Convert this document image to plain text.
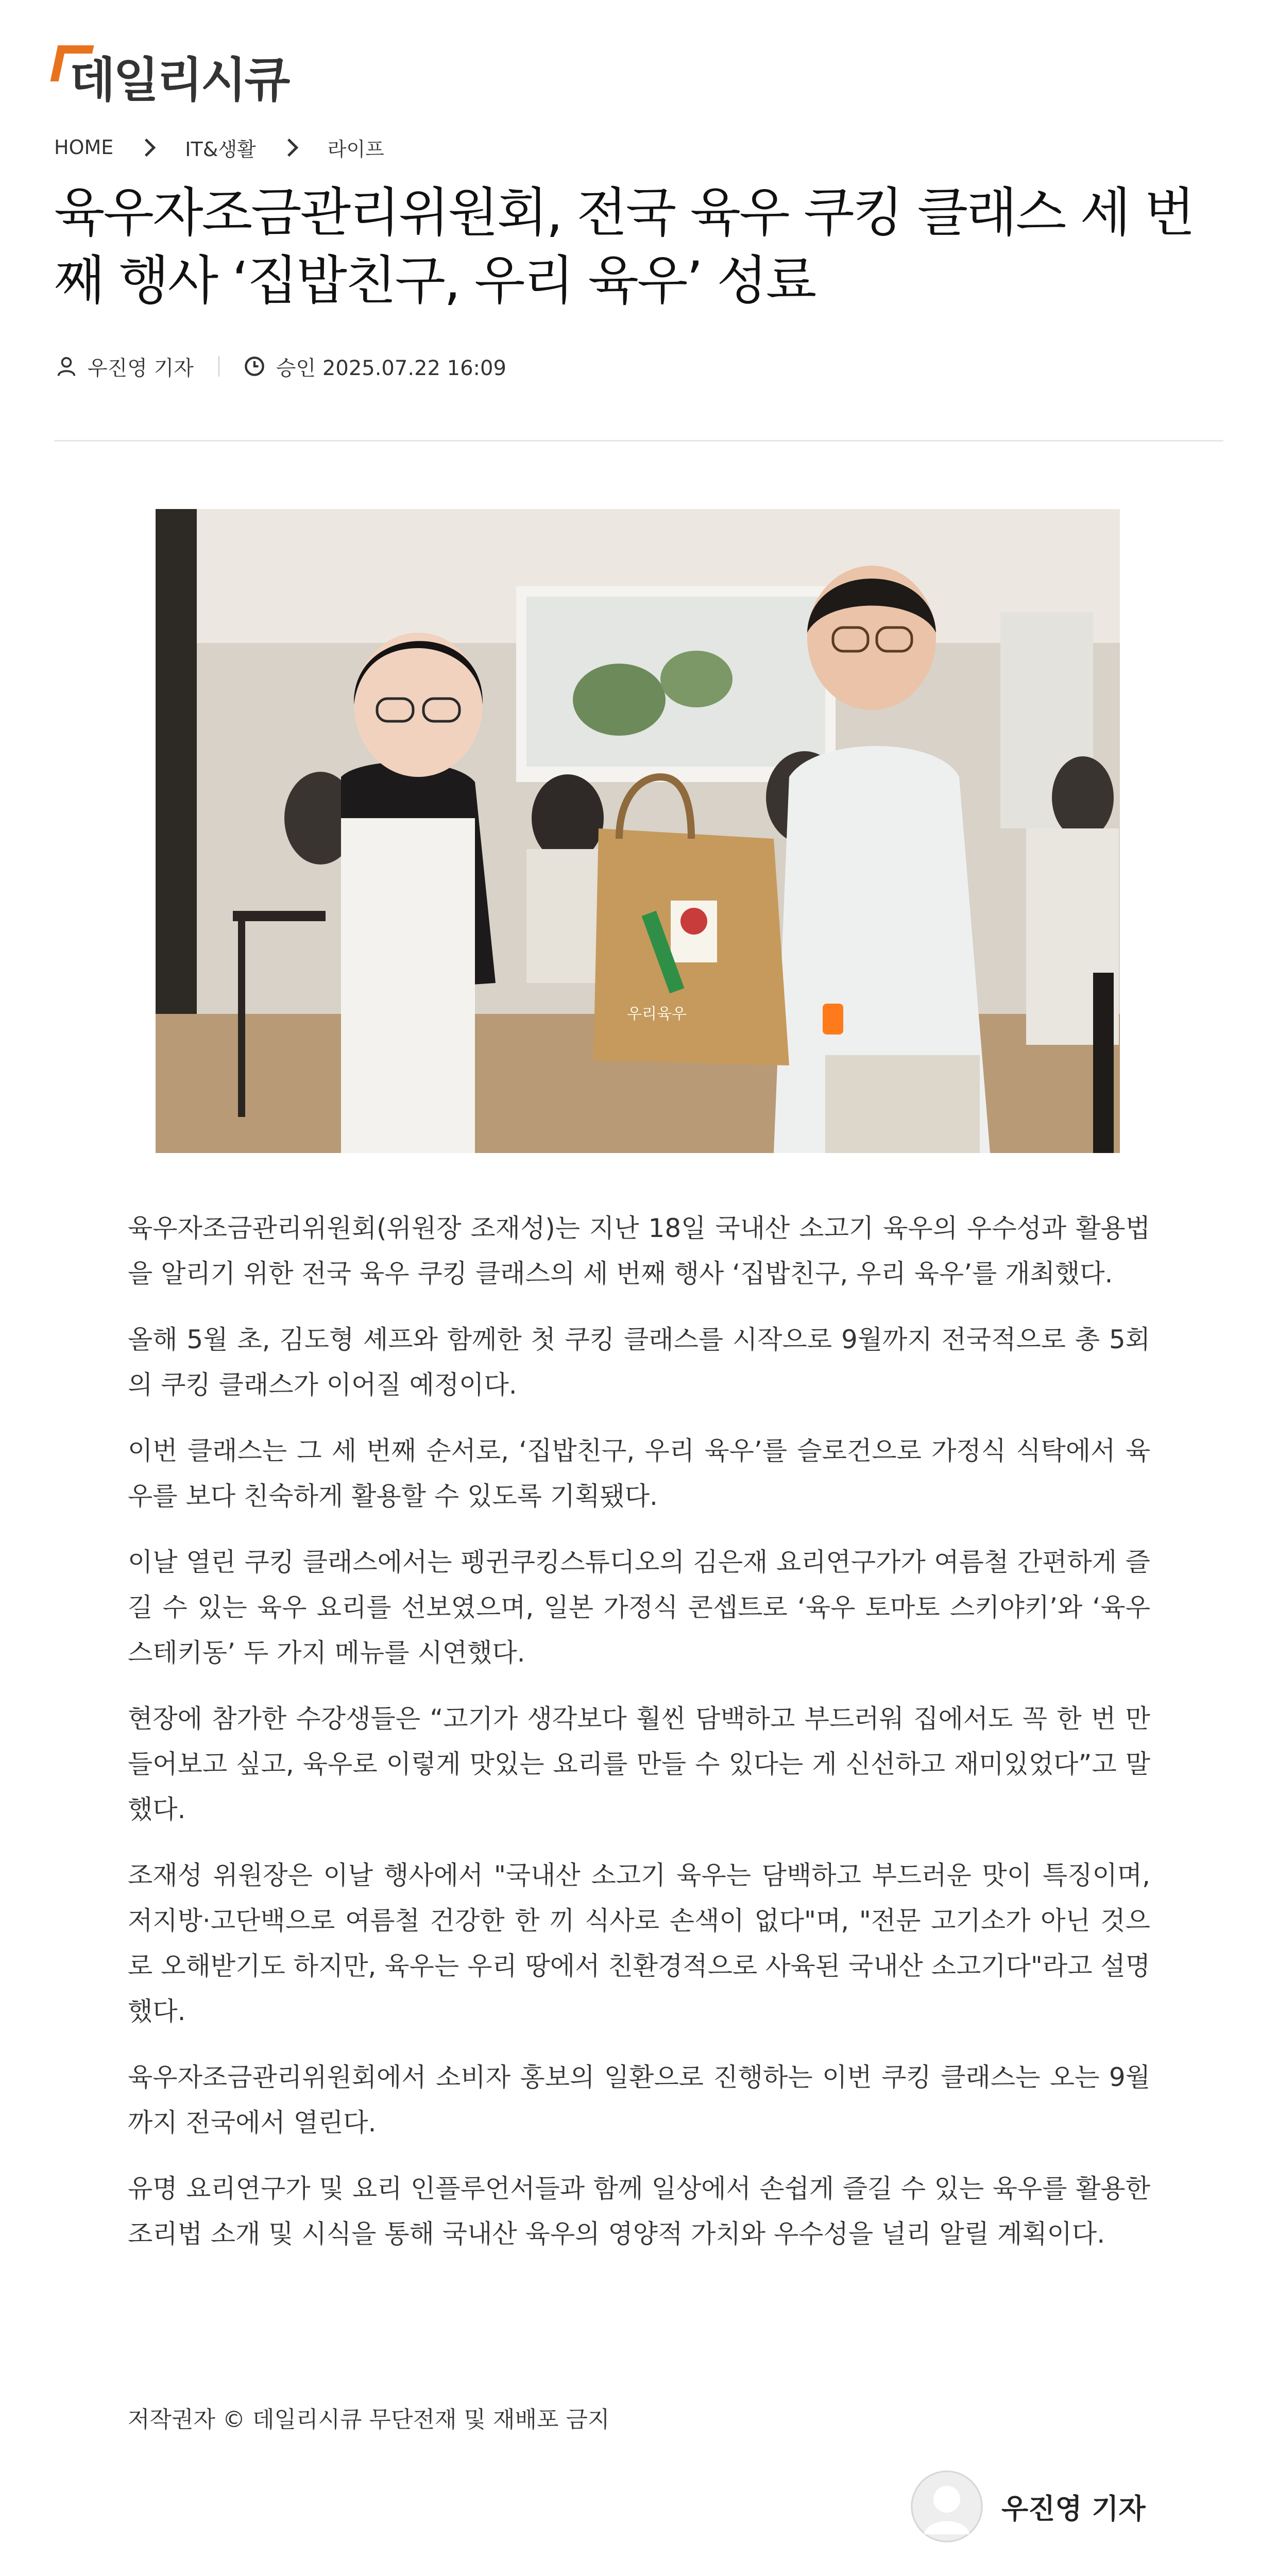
데일리시큐
HOME	IT&생활	라이프
육우자조금관리위원회, 전국 육우 쿠킹 클래스 세 번째 행사 ‘집밥친구, 우리 육우’ 성료
우진영 기자	승인 2025.07.22 16:09
우리육우

육우자조금관리위원회(위원장 조재성)는 지난 18일 국내산 소고기 육우의 우수성과 활용법을 알리기 위한 전국 육우 쿠킹 클래스의 세 번째 행사 ‘집밥친구, 우리 육우’를 개최했다.

올해 5월 초, 김도형 셰프와 함께한 첫 쿠킹 클래스를 시작으로 9월까지 전국적으로 총 5회의 쿠킹 클래스가 이어질 예정이다.

이번 클래스는 그 세 번째 순서로, ‘집밥친구, 우리 육우’를 슬로건으로 가정식 식탁에서 육우를 보다 친숙하게 활용할 수 있도록 기획됐다.

이날 열린 쿠킹 클래스에서는 펭귄쿠킹스튜디오의 김은재 요리연구가가 여름철 간편하게 즐길 수 있는 육우 요리를 선보였으며, 일본 가정식 콘셉트로 ‘육우 토마토 스키야키’와 ‘육우 스테키동’ 두 가지 메뉴를 시연했다.

현장에 참가한 수강생들은 “고기가 생각보다 훨씬 담백하고 부드러워 집에서도 꼭 한 번 만들어보고 싶고, 육우로 이렇게 맛있는 요리를 만들 수 있다는 게 신선하고 재미있었다”고 말했다.

조재성 위원장은 이날 행사에서 "국내산 소고기 육우는 담백하고 부드러운 맛이 특징이며, 저지방·고단백으로 여름철 건강한 한 끼 식사로 손색이 없다"며, "전문 고기소가 아닌 것으로 오해받기도 하지만, 육우는 우리 땅에서 친환경적으로 사육된 국내산 소고기다"라고 설명했다.

육우자조금관리위원회에서 소비자 홍보의 일환으로 진행하는 이번 쿠킹 클래스는 오는 9월까지 전국에서 열린다.

유명 요리연구가 및 요리 인플루언서들과 함께 일상에서 손쉽게 즐길 수 있는 육우를 활용한 조리법 소개 및 시식을 통해 국내산 육우의 영양적 가치와 우수성을 널리 알릴 계획이다.

저작권자 © 데일리시큐 무단전재 및 재배포 금지
우진영 기자
